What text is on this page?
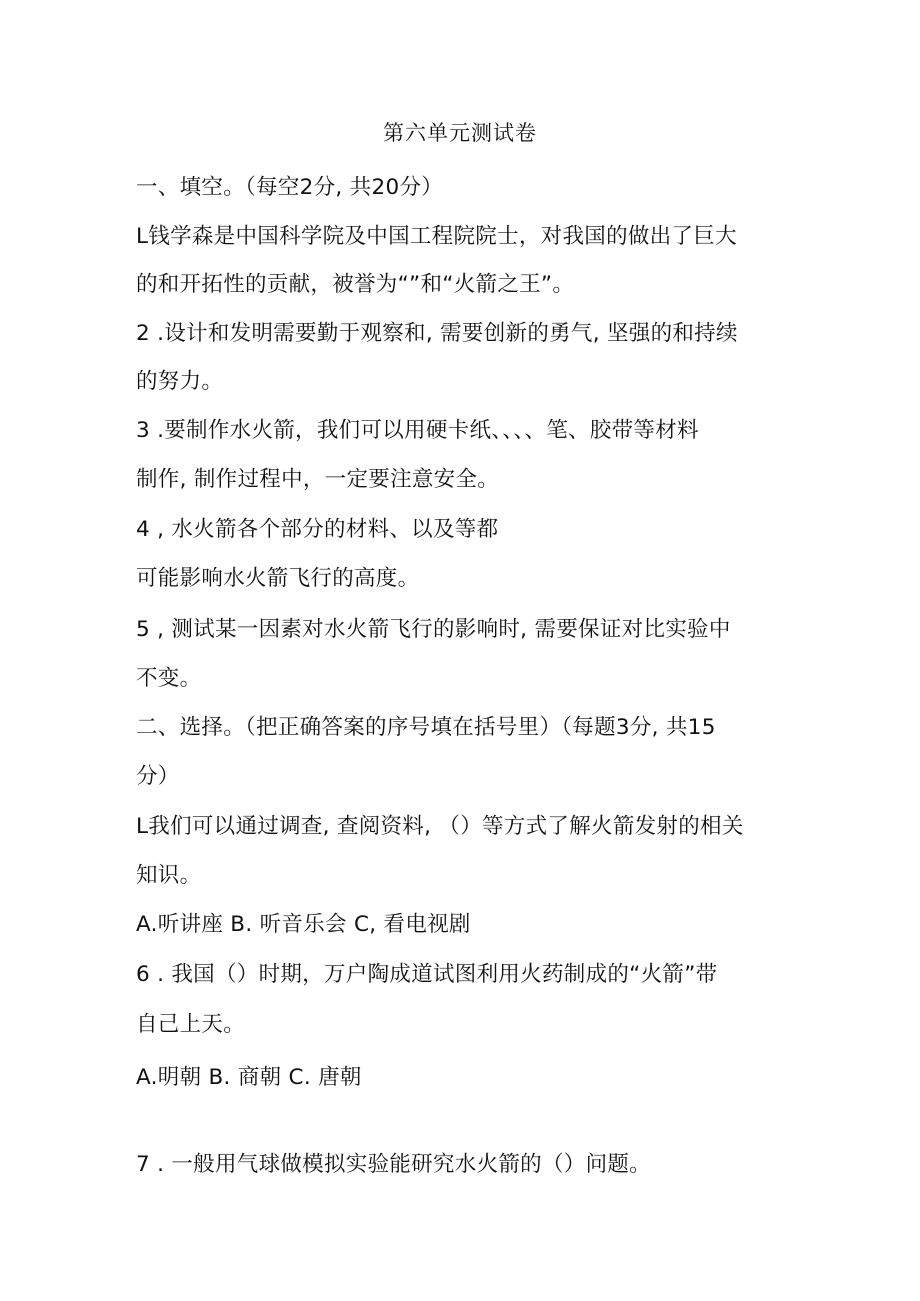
第六单元测试卷
一、填空。（每空2分, 共20分）
L钱学森是中国科学院及中国工程院院士，对我国的做出了巨大
的和开拓性的贡献，被誉为“”和“火箭之王”。
2 .设计和发明需要勤于观察和, 需要创新的勇气, 坚强的和持续
的努力。
3 .要制作水火箭，我们可以用硬卡纸、、、、笔、胶带等材料
制作, 制作过程中，一定要注意安全。
4 , 水火箭各个部分的材料、以及等都
可能影响水火箭飞行的高度。
5 , 测试某一因素对水火箭飞行的影响时, 需要保证对比实验中
不变。
二、选择。（把正确答案的序号填在括号里）（每题3分, 共15
分）
L我们可以通过调查, 查阅资料, （）等方式了解火箭发射的相关
知识。
A.听讲座 B. 听音乐会 C, 看电视剧
6 . 我国（）时期，万户陶成道试图利用火药制成的“火箭”带
自己上天。
A.明朝 B. 商朝 C. 唐朝
7 . 一般用气球做模拟实验能研究水火箭的（）问题。
